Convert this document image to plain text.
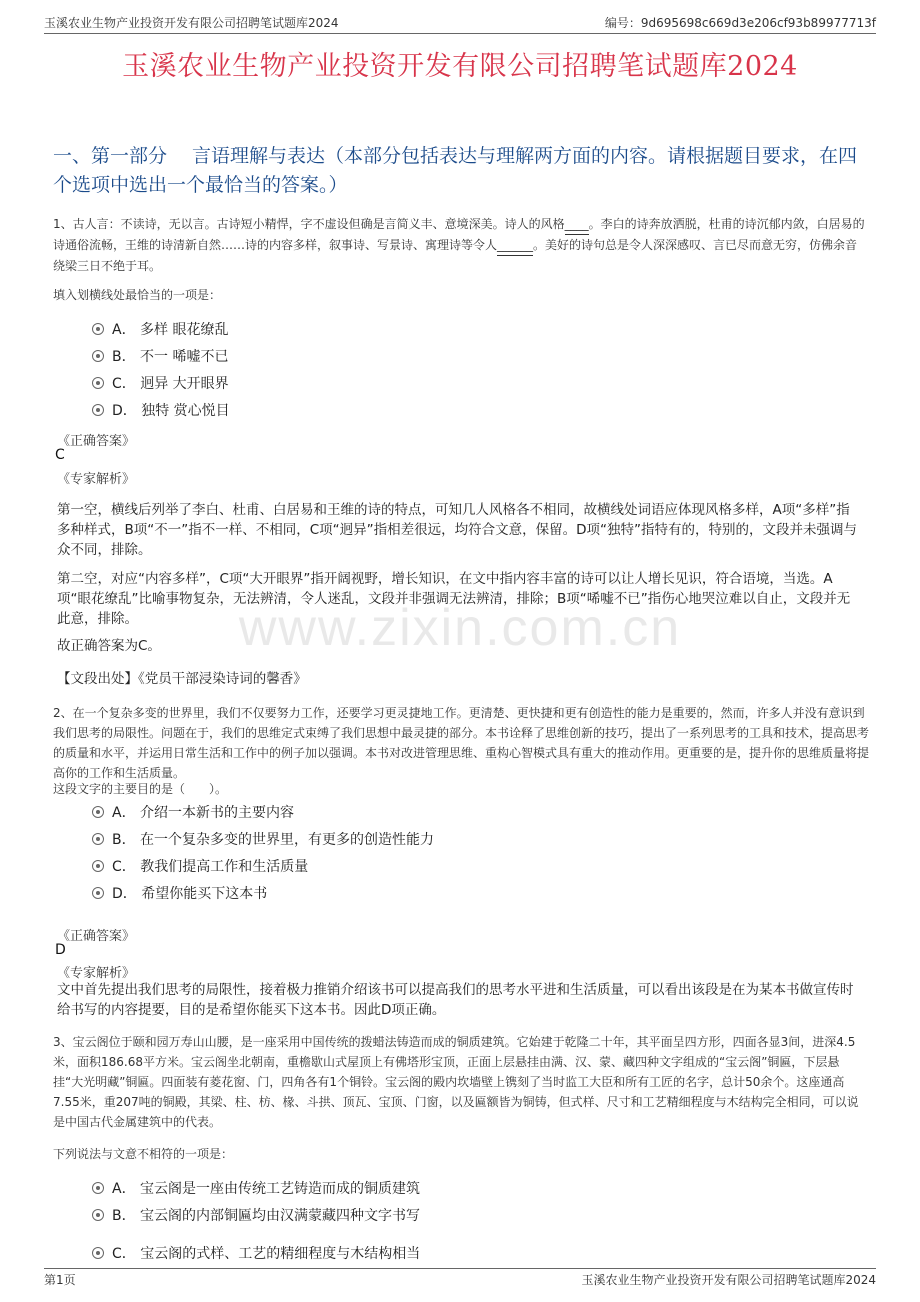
玉溪农业生物产业投资开发有限公司招聘笔试题库2024	编号：9d695698c669d3e206cf93b89977713f
玉溪农业生物产业投资开发有限公司招聘笔试题库2024
一、第一部分　 言语理解与表达（本部分包括表达与理解两方面的内容。请根据题目要求，在四个选项中选出一个最恰当的答案。）
1、古人言：不读诗，无以言。古诗短小精悍，字不虚设但确是言简义丰、意境深美。诗人的风格____。李白的诗奔放洒脱，杜甫的诗沉郁内敛，白居易的诗通俗流畅，王维的诗清新自然……诗的内容多样，叙事诗、写景诗、寓理诗等令人______。美好的诗句总是令人深深感叹、言已尽而意无穷，仿佛余音绕梁三日不绝于耳。
填入划横线处最恰当的一项是：
A． 多样 眼花缭乱
B． 不一 唏嘘不已
C． 迥异 大开眼界
D． 独特 赏心悦目
《正确答案》
C
《专家解析》
第一空，横线后列举了李白、杜甫、白居易和王维的诗的特点，可知几人风格各不相同，故横线处词语应体现风格多样，A项“多样”指多种样式，B项“不一”指不一样、不相同，C项“迥异”指相差很远，均符合文意，保留。D项“独特”指特有的，特别的，文段并未强调与众不同，排除。
第二空，对应“内容多样”，C项“大开眼界”指开阔视野，增长知识，在文中指内容丰富的诗可以让人增长见识，符合语境，当选。A项“眼花缭乱”比喻事物复杂，无法辨清，令人迷乱，文段并非强调无法辨清，排除；B项“唏嘘不已”指伤心地哭泣难以自止，文段并无此意，排除。
故正确答案为C。
【文段出处】《党员干部浸染诗词的馨香》
2、在一个复杂多变的世界里，我们不仅要努力工作，还要学习更灵捷地工作。更清楚、更快捷和更有创造性的能力是重要的，然而，许多人并没有意识到我们思考的局限性。问题在于，我们的思维定式束缚了我们思想中最灵捷的部分。本书诠释了思维创新的技巧，提出了一系列思考的工具和技术，提高思考的质量和水平，并运用日常生活和工作中的例子加以强调。本书对改进管理思维、重构心智模式具有重大的推动作用。更重要的是，提升你的思维质量将提高你的工作和生活质量。
这段文字的主要目的是（　　）。
A． 介绍一本新书的主要内容
B． 在一个复杂多变的世界里，有更多的创造性能力
C． 教我们提高工作和生活质量
D． 希望你能买下这本书
《正确答案》
D
《专家解析》
文中首先提出我们思考的局限性，接着极力推销介绍该书可以提高我们的思考水平进和生活质量，可以看出该段是在为某本书做宣传时给书写的内容提要，目的是希望你能买下这本书。因此D项正确。
3、宝云阁位于颐和园万寿山山腰，是一座采用中国传统的拨蜡法铸造而成的铜质建筑。它始建于乾隆二十年，其平面呈四方形，四面各显3间，进深4.5米，面积186.68平方米。宝云阁坐北朝南，重檐歇山式屋顶上有佛塔形宝顶，正面上层悬挂由满、汉、蒙、藏四种文字组成的“宝云阁”铜匾，下层悬挂“大光明藏”铜匾。四面装有菱花窗、门，四角各有1个铜铃。宝云阁的殿内坎墙壁上镌刻了当时监工大臣和所有工匠的名字，总计50余个。这座通高7.55米，重207吨的铜殿，其梁、柱、枋、椽、斗拱、顶瓦、宝顶、门窗，以及匾额皆为铜铸，但式样、尺寸和工艺精细程度与木结构完全相同，可以说是中国古代金属建筑中的代表。
下列说法与文意不相符的一项是：
A． 宝云阁是一座由传统工艺铸造而成的铜质建筑
B． 宝云阁的内部铜匾均由汉满蒙藏四种文字书写
C． 宝云阁的式样、工艺的精细程度与木结构相当
www.zixin.com.cn
第1页	玉溪农业生物产业投资开发有限公司招聘笔试题库2024
